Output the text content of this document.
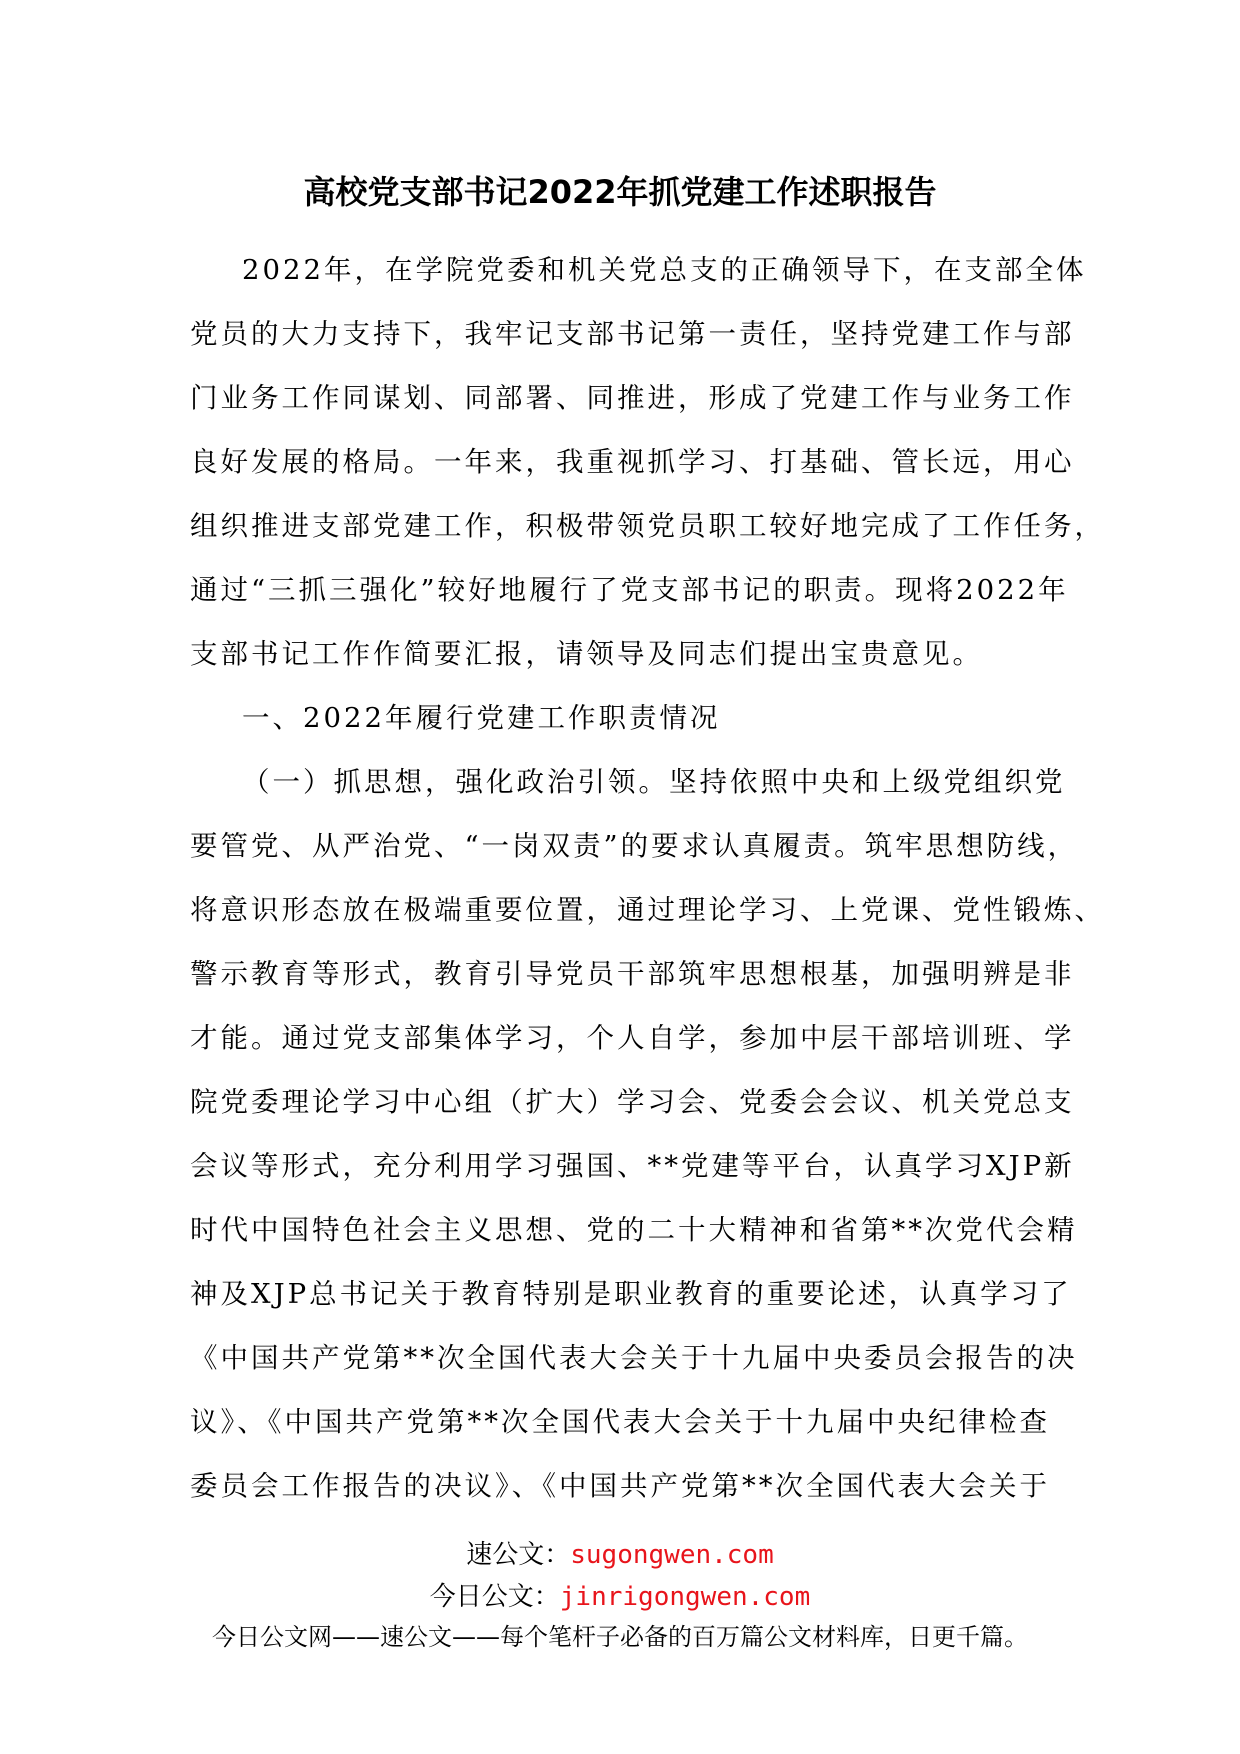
高校党支部书记2022年抓党建工作述职报告
2022年，在学院党委和机关党总支的正确领导下，在支部全体
党员的大力支持下，我牢记支部书记第一责任，坚持党建工作与部
门业务工作同谋划、同部署、同推进，形成了党建工作与业务工作
良好发展的格局。一年来，我重视抓学习、打基础、管长远，用心
组织推进支部党建工作，积极带领党员职工较好地完成了工作任务，
通过“三抓三强化”较好地履行了党支部书记的职责。现将2022年
支部书记工作作简要汇报，请领导及同志们提出宝贵意见。
一、2022年履行党建工作职责情况
（一）抓思想，强化政治引领。坚持依照中央和上级党组织党
要管党、从严治党、“一岗双责”的要求认真履责。筑牢思想防线，
将意识形态放在极端重要位置，通过理论学习、上党课、党性锻炼、
警示教育等形式，教育引导党员干部筑牢思想根基，加强明辨是非
才能。通过党支部集体学习，个人自学，参加中层干部培训班、学
院党委理论学习中心组（扩大）学习会、党委会会议、机关党总支
会议等形式，充分利用学习强国、**党建等平台，认真学习XJP新
时代中国特色社会主义思想、党的二十大精神和省第**次党代会精
神及XJP总书记关于教育特别是职业教育的重要论述，认真学习了
《中国共产党第**次全国代表大会关于十九届中央委员会报告的决
议》、《中国共产党第**次全国代表大会关于十九届中央纪律检查
委员会工作报告的决议》、《中国共产党第**次全国代表大会关于
速公文：sugongwen.com
今日公文：jinrigongwen.com
今日公文网——速公文——每个笔杆子必备的百万篇公文材料库，日更千篇。
